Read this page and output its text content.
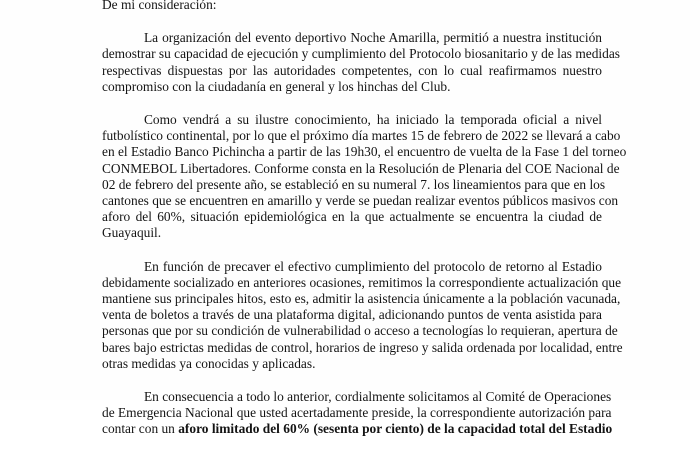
De mi consideración:

La organización del evento deportivo Noche Amarilla, permitió a nuestra institución
demostrar su capacidad de ejecución y cumplimiento del Protocolo biosanitario y de las medidas
respectivas dispuestas por las autoridades competentes, con lo cual reafirmamos nuestro
compromiso con la ciudadanía en general y los hinchas del Club.

Como vendrá a su ilustre conocimiento, ha iniciado la temporada oficial a nivel
futbolístico continental, por lo que el próximo día martes 15 de febrero de 2022 se llevará a cabo
en el Estadio Banco Pichincha a partir de las 19h30, el encuentro de vuelta de la Fase 1 del torneo
CONMEBOL Libertadores. Conforme consta en la Resolución de Plenaria del COE Nacional de
02 de febrero del presente año, se estableció en su numeral 7. los lineamientos para que en los
cantones que se encuentren en amarillo y verde se puedan realizar eventos públicos masivos con
aforo del 60%, situación epidemiológica en la que actualmente se encuentra la ciudad de
Guayaquil.

En función de precaver el efectivo cumplimiento del protocolo de retorno al Estadio
debidamente socializado en anteriores ocasiones, remitimos la correspondiente actualización que
mantiene sus principales hitos, esto es, admitir la asistencia únicamente a la población vacunada,
venta de boletos a través de una plataforma digital, adicionando puntos de venta asistida para
personas que por su condición de vulnerabilidad o acceso a tecnologías lo requieran, apertura de
bares bajo estrictas medidas de control, horarios de ingreso y salida ordenada por localidad, entre
otras medidas ya conocidas y aplicadas.

En consecuencia a todo lo anterior, cordialmente solicitamos al Comité de Operaciones
de Emergencia Nacional que usted acertadamente preside, la correspondiente autorización para
contar con un aforo limitado del 60% (sesenta por ciento) de la capacidad total del Estadio
